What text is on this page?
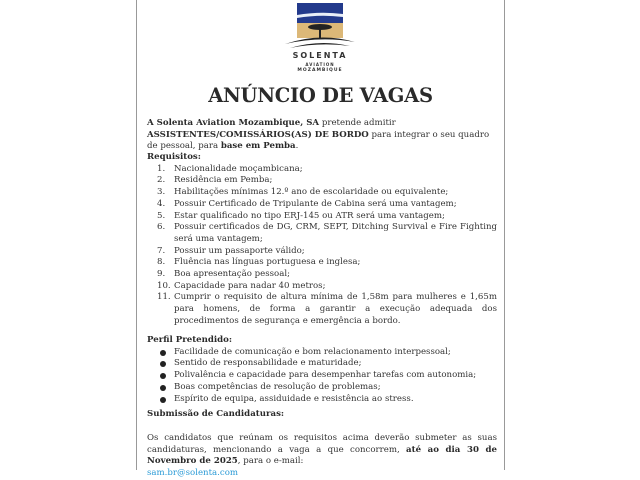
SOLENTA
AVIATION
MOZAMBIQUE
ANÚNCIO DE VAGAS
A Solenta Aviation Mozambique, SA pretende admitir ASSISTENTES/COMISSÁRIOS(AS) DE BORDO para integrar o seu quadro de pessoal, para base em Pemba.
Requisitos:
1. Nacionalidade moçambicana;
2. Residência em Pemba;
3. Habilitações mínimas 12.º ano de escolaridade ou equivalente;
4. Possuir Certificado de Tripulante de Cabina será uma vantagem;
5. Estar qualificado no tipo ERJ-145 ou ATR será uma vantagem;
6. Possuir certificados de DG, CRM, SEPT, Ditching Survival e Fire Fighting será uma vantagem;
7. Possuir um passaporte válido;
8. Fluência nas línguas portuguesa e inglesa;
9. Boa apresentação pessoal;
10. Capacidade para nadar 40 metros;
11. Cumprir o requisito de altura mínima de 1,58m para mulheres e 1,65m para homens, de forma a garantir a execução adequada dos procedimentos de segurança e emergência a bordo.
Perfil Pretendido:
Facilidade de comunicação e bom relacionamento interpessoal;
Sentido de responsabilidade e maturidade;
Polivalência e capacidade para desempenhar tarefas com autonomia;
Boas competências de resolução de problemas;
Espírito de equipa, assiduidade e resistência ao stress.
Submissão de Candidaturas:
Os candidatos que reúnam os requisitos acima deverão submeter as suas candidaturas, mencionando a vaga a que concorrem, até ao dia 30 de Novembro de 2025, para o e-mail:
sam.br@solenta.com
